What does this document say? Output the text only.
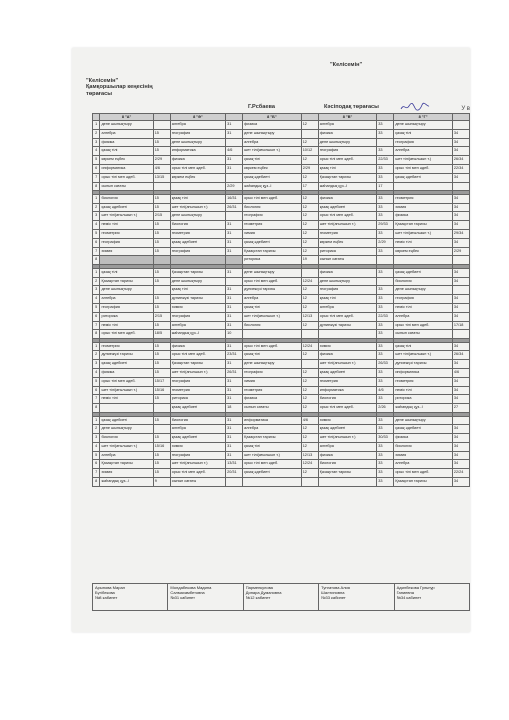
"Келісемін"
Қамқоршылар кеңесінің
төрағасы
Г.Рсбаева
"Келісемін"
Кәсіподақ төрағасы	У в
	8 "А"		8 "Ә"		8 "Б"		8 "В"		8 "Г"	
1	дене шынықтыру		алгебра	31	физика	12	алгебра	33	дене шынықтыру	
2	алгебра	15	география	31	дене шынықтыру		физика	33	қазақ тілі	34
3	физика	15	дене шынықтыру		алгебра	12	дене шынықтыру		география	34
4	қазақ тілі	15	информатика	4/6	шет тілі(ағылшын т.)	10/12	география	33	алгебра	34
5	көркем еңбек	2/29	физика	31	қазақ тілі	12	орыс тілі мен әдеб.	22/33	шет тілі(ағылшын т.)	26/34
6	информатика	4/6	орыс тілі мен әдеб.	31	көркем еңбек	2/29	қазақ тілі	33	орыс тілі мен әдеб.	22/34
7	орыс тілі мен әдеб.	13/15	көркем еңбек		қазақ әдебиеті	12	Қазақстан тарихы	33	қазақ әдебиеті	34
8	сынып сағаты			2/29	жаһандық құз.-І	17	жаһандық құз.-І	17		

1	биология	15	қазақ тілі	16/31	орыс тілі мен әдеб.	12	физика	33	геометрия	34
2	қазақ әдебиеті	15	шет тілі(ағылшын т.)	26/31	биология	12	қазақ әдебиеті	33	химия	34
3	шет тілі(ағылшын т.)	2/15	дене шынықтыру		география	12	орыс тілі мен әдеб.	33	физика	34
4	неміс тілі	15	биология	31	геометрия	12	шет тілі(ағылшын т.)	29/33	Қазақстан тарихы	34
5	геометрия	15	геометрия	31	химия	12	геометрия	33	шет тілі(ағылшын т.)	29/34
6	география	15	қазақ әдебиеті	31	қазақ әдебиеті	12	көркем еңбек	2/29	неміс тілі	34
7	химия	15	география	31	Қазақстан тарихы	12	риторика	33	көркем еңбек	2/29
8					риторика	19	сынып сағаты			

1	қазақ тілі	15	Қазақстан тарихы	31	дене шынықтыру		физика	33	қазақ әдебиеті	34
2	Қазақстан тарихы	15	дене шынықтыру		орыс тілі мен әдеб.	12/24	дене шынықтыру		биология	34
3	дене шынықтыру		қазақ тілі	31	дүниежүзі тарихы	12	география	33	дене шынықтыру	
4	алгебра	15	дүниежүзі тарихы	31	алгебра	12	қазақ тілі	33	география	34
5	география	15	химия	31	қазақ тілі	12	алгебра	33	неміс тілі	34
6	риторика	2/15	география	31	шет тілі(ағылшын т.)	12/13	орыс тілі мен әдеб.	22/33	алгебра	34
7	неміс тілі	15	алгебра	31	биология	12	дүниежүзі тарихы	33	орыс тілі мен әдеб.	17/18
8	орыс тілі мен әдеб.	18/5	жаһандық құз.-І	10				33	сынып сағаты	

1	геометрия	15	физика	31	орыс тілі мен әдеб.	12/24	химия	33	қазақ тілі	34
2	дүниежүзі тарихы	15	орыс тілі мен әдеб.	23/31	қазақ тілі	12	физика	33	шет тілі(ағылшын т.)	26/34
3	қазақ әдебиеті	15	Қазақстан тарихы	31	дене шынықтыру		шет тілі(ағылшын т.)	26/33	дүниежүзі тарихы	34
4	физика	15	шет тілі(ағылшын т.)	26/31	география	12	қазақ әдебиеті	33	информатика	4/6
5	орыс тілі мен әдеб.	15/17	география	31	химия	12	геометрия	33	геометрия	34
6	шет тілі(ағылшын т.)	15/16	геометрия	31	геометрия	12	информатика	4/6	неміс тілі	34
7	неміс тілі	15	риторика	31	физика	12	биология	33	риторика	34
8			қазақ әдебиеті	18	сынып сағаты	12	орыс тілі мен әдеб.	2/26	жаһандық құз.-І	27

1	қазақ әдебиеті	15	биология	31	информатика	4/6	химия	33	дене шынықтыру	
2	дене шынықтыру		алгебра	31	алгебра	12	қазақ әдебиеті	33	қазақ әдебиеті	34
3	биология	15	қазақ әдебиеті	31	Қазақстан тарихы	12	шет тілі(ағылшын т.)	30/33	физика	34
4	шет тілі(ағылшын т.)	15/16	химия	31	қазақ тілі	12	алгебра	33	биология	34
5	алгебра	15	география	31	шет тілі(ағылшын т.)	12/13	физика	33	химия	34
6	Қазақстан тарихы	15	шет тілі(ағылшын т.)	13/31	орыс тілі мен әдеб.	12/24	биология	33	алгебра	34
7	химия	15	орыс тілі мен әдеб.	20/31	қазақ әдебиеті	12	Қазақстан тарихы	33	орыс тілі мен әдеб.	22/24
8	жаһандық құз.-І	9	сынып сағаты					33	Қазақстан тарихы	34
Арынова Марал
Бүгібекова
№8 кабинет

Молдабекова Мадина
Салмахамбетовна
№31 кабинет

Парменкулова
Динара Думановна
№12 кабинет

Тунгатова Алия
Шалтиновна
№33 кабинет

Адилбекова Гульнур
Ганиевна
№34 кабинет
